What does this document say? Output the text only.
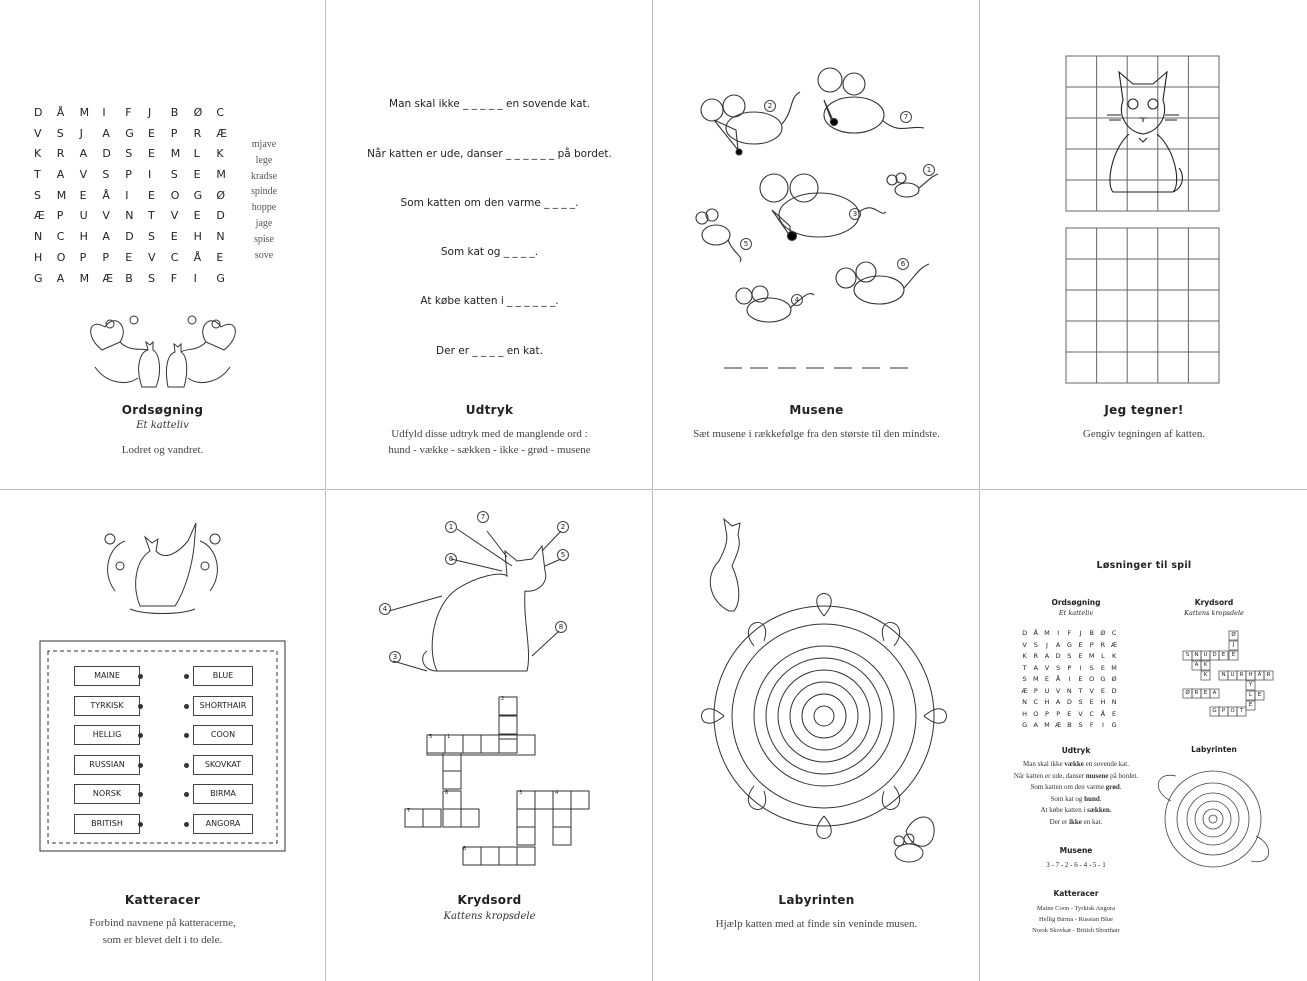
D Å M I F J B Ø C
V S J A G E P R Æ
K R A D S E M L K
T A V S P I S E M
S M E Å I E O G Ø
Æ P U V N T V E D
N C H A D S E H N
H O P P E V C Å E
G A M Æ B S F I G
mjave
lege
kradse
spinde
hoppe
jage
spise
sove
Ordsøgning
Et katteliv
Lodret og vandret.
Man skal ikke _ _ _ _ _ en sovende kat.
Når katten er ude, danser _ _ _ _ _ _ på bordet.
Som katten om den varme _ _ _ _.
Som kat og _ _ _ _.
At købe katten i _ _ _ _ _ _.
Der er _ _ _ _ en kat.
Udtryk
Udfyld disse udtryk med de manglende ord :
hund - vække - sækken - ikke - grød - musene
2
7
1
3
5
6
4
Musene
Sæt musene i rækkefølge fra den største til den mindste.
Jeg tegner!
Gengiv tegningen af katten.
MAINE	BLUE
TYRKISK	SHORTHAIR
HELLIG	COON
RUSSIAN	SKOVKAT
NORSK	BIRMA
BRITISH	ANGORA
Katteracer
Forbind navnene på katteracerne,
som er blevet delt i to dele.
1
7
2
6	5
4
8
3
2
5	1
3	4
6
7
8
Krydsord
Kattens kropsdele
Labyrinten
Hjælp katten med at finde sin veninde musen.
Løsninger til spil
Ordsøgning
Et katteliv
D Å M I F J B Ø C
V S J A G E P R Æ
K R A D S E M L K
T A V S P I S E M
S M E Å I E O G Ø
Æ P U V N T V E D
N C H A D S E H N
H O P P E V C Å E
G A M Æ B S F I G
Krydsord
Kattens kropsdele
Ø
J
E
S N U D E
A K
K	N U R H Å R
Ø R E A
Y
L
E
G P O T
E
Udtryk
Man skal ikke vække en sovende kat.
Når katten er ude, danser musene på bordet.
Som katten om den varme grød.
Som kat og hund.
At købe katten i sækken.
Der er ikke en kat.
Musene
3 - 7 - 2 - 6 - 4 - 5 - 1
Katteracer
Maine Coon - Tyrkisk Angora
Hellig Birma - Russian Blue
Norsk Skovkat - British Shorthair
Labyrinten
